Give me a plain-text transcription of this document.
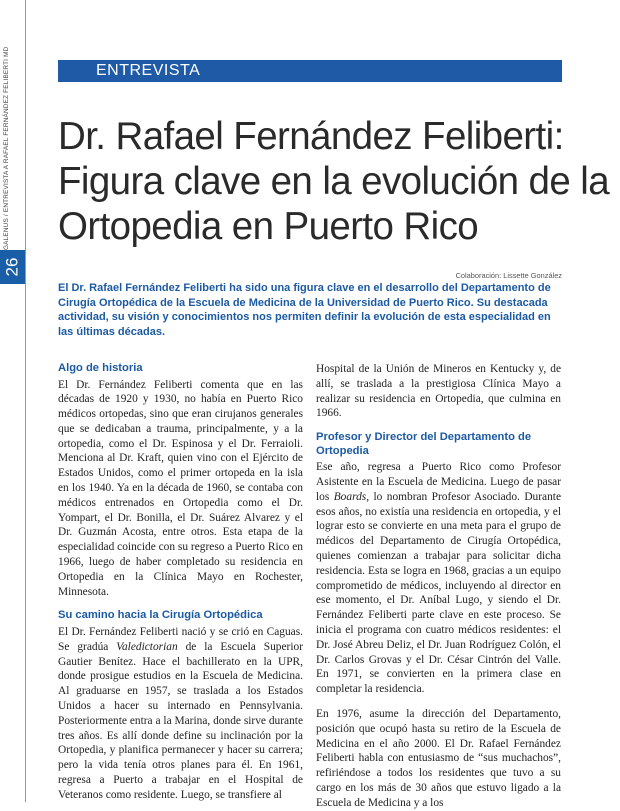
GALENUS / ENTREVISTA A RAFAEL FERNÁNDEZ FELIBERTI MD
26
ENTREVISTA
Dr. Rafael Fernández Feliberti: Figura clave en la evolución de la Ortopedia en Puerto Rico
Colaboración: Lissette González

El Dr. Rafael Fernández Feliberti ha sido una figura clave en el desarrollo del Departamento de Cirugía Ortopédica de la Escuela de Medicina de la Universidad de Puerto Rico. Su destacada actividad, su visión y conocimientos nos permiten definir la evolución de esta especialidad en las últimas décadas.

Algo de historia

El Dr. Fernández Feliberti comenta que en las décadas de 1920 y 1930, no había en Puerto Rico médicos ortopedas, sino que eran cirujanos generales que se dedicaban a trauma, principalmente, y a la ortopedia, como el Dr. Espinosa y el Dr. Ferraioli. Menciona al Dr. Kraft, quien vino con el Ejército de Estados Unidos, como el primer ortopeda en la isla en los 1940. Ya en la década de 1960, se contaba con médicos entrenados en Ortopedia como el Dr. Yompart, el Dr. Bonilla, el Dr. Suárez Alvarez y el Dr. Guzmán Acosta, entre otros. Esta etapa de la especialidad coincide con su regreso a Puerto Rico en 1966, luego de haber completado su residencia en Ortopedia en la Clínica Mayo en Rochester, Minnesota.

Su camino hacia la Cirugía Ortopédica

El Dr. Fernández Feliberti nació y se crió en Caguas. Se gradúa Valedictorian de la Escuela Superior Gautier Benítez. Hace el bachillerato en la UPR, donde prosigue estudios en la Escuela de Medicina. Al graduarse en 1957, se traslada a los Estados Unidos a hacer su internado en Pennsylvania. Posteriormente entra a la Marina, donde sirve durante tres años. Es allí donde define su inclinación por la Ortopedia, y planifica permanecer y hacer su carrera; pero la vida tenía otros planes para él. En 1961, regresa a Puerto a trabajar en el Hospital de Veteranos como residente. Luego, se transfiere al

Hospital de la Unión de Mineros en Kentucky y, de allí, se traslada a la prestigiosa Clínica Mayo a realizar su residencia en Ortopedia, que culmina en 1966.

Profesor y Director del Departamento de Ortopedia

Ese año, regresa a Puerto Rico como Profesor Asistente en la Escuela de Medicina. Luego de pasar los Boards, lo nombran Profesor Asociado. Durante esos años, no existía una residencia en ortopedia, y el lograr esto se convierte en una meta para el grupo de médicos del Departamento de Cirugía Ortopédica, quienes comienzan a trabajar para solicitar dicha residencia. Esta se logra en 1968, gracias a un equipo comprometido de médicos, incluyendo al director en ese momento, el Dr. Aníbal Lugo, y siendo el Dr. Fernández Feliberti parte clave en este proceso. Se inicia el programa con cuatro médicos residentes: el Dr. José Abreu Deliz, el Dr. Juan Rodríguez Colón, el Dr. Carlos Grovas y el Dr. César Cintrón del Valle. En 1971, se convierten en la primera clase en completar la residencia.

En 1976, asume la dirección del Departamento, posición que ocupó hasta su retiro de la Escuela de Medicina en el año 2000. El Dr. Rafael Fernández Feliberti habla con entusiasmo de “sus muchachos”, refiriéndose a todos los residentes que tuvo a su cargo en los más de 30 años que estuvo ligado a la Escuela de Medicina y a los
